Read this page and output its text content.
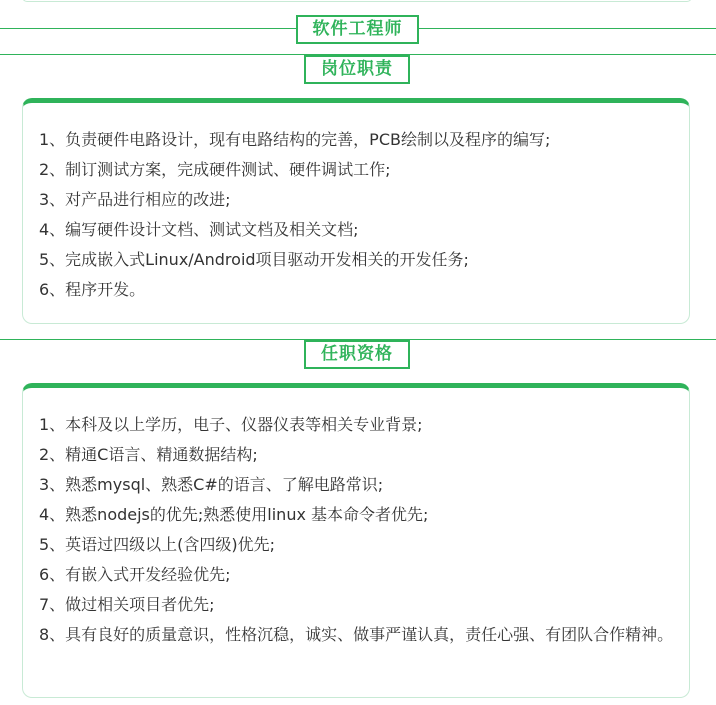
软件工程师
岗位职责
1、负责硬件电路设计，现有电路结构的完善，PCB绘制以及程序的编写;
2、制订测试方案，完成硬件测试、硬件调试工作;
3、对产品进行相应的改进;
4、编写硬件设计文档、测试文档及相关文档;
5、完成嵌入式Linux/Android项目驱动开发相关的开发任务;
6、程序开发。
任职资格
1、本科及以上学历，电子、仪器仪表等相关专业背景;
2、精通C语言、精通数据结构;
3、熟悉mysql、熟悉C#的语言、了解电路常识;
4、熟悉nodejs的优先;熟悉使用linux 基本命令者优先;
5、英语过四级以上(含四级)优先;
6、有嵌入式开发经验优先;
7、做过相关项目者优先;
8、具有良好的质量意识，性格沉稳，诚实、做事严谨认真，责任心强、有团队合作精神。
